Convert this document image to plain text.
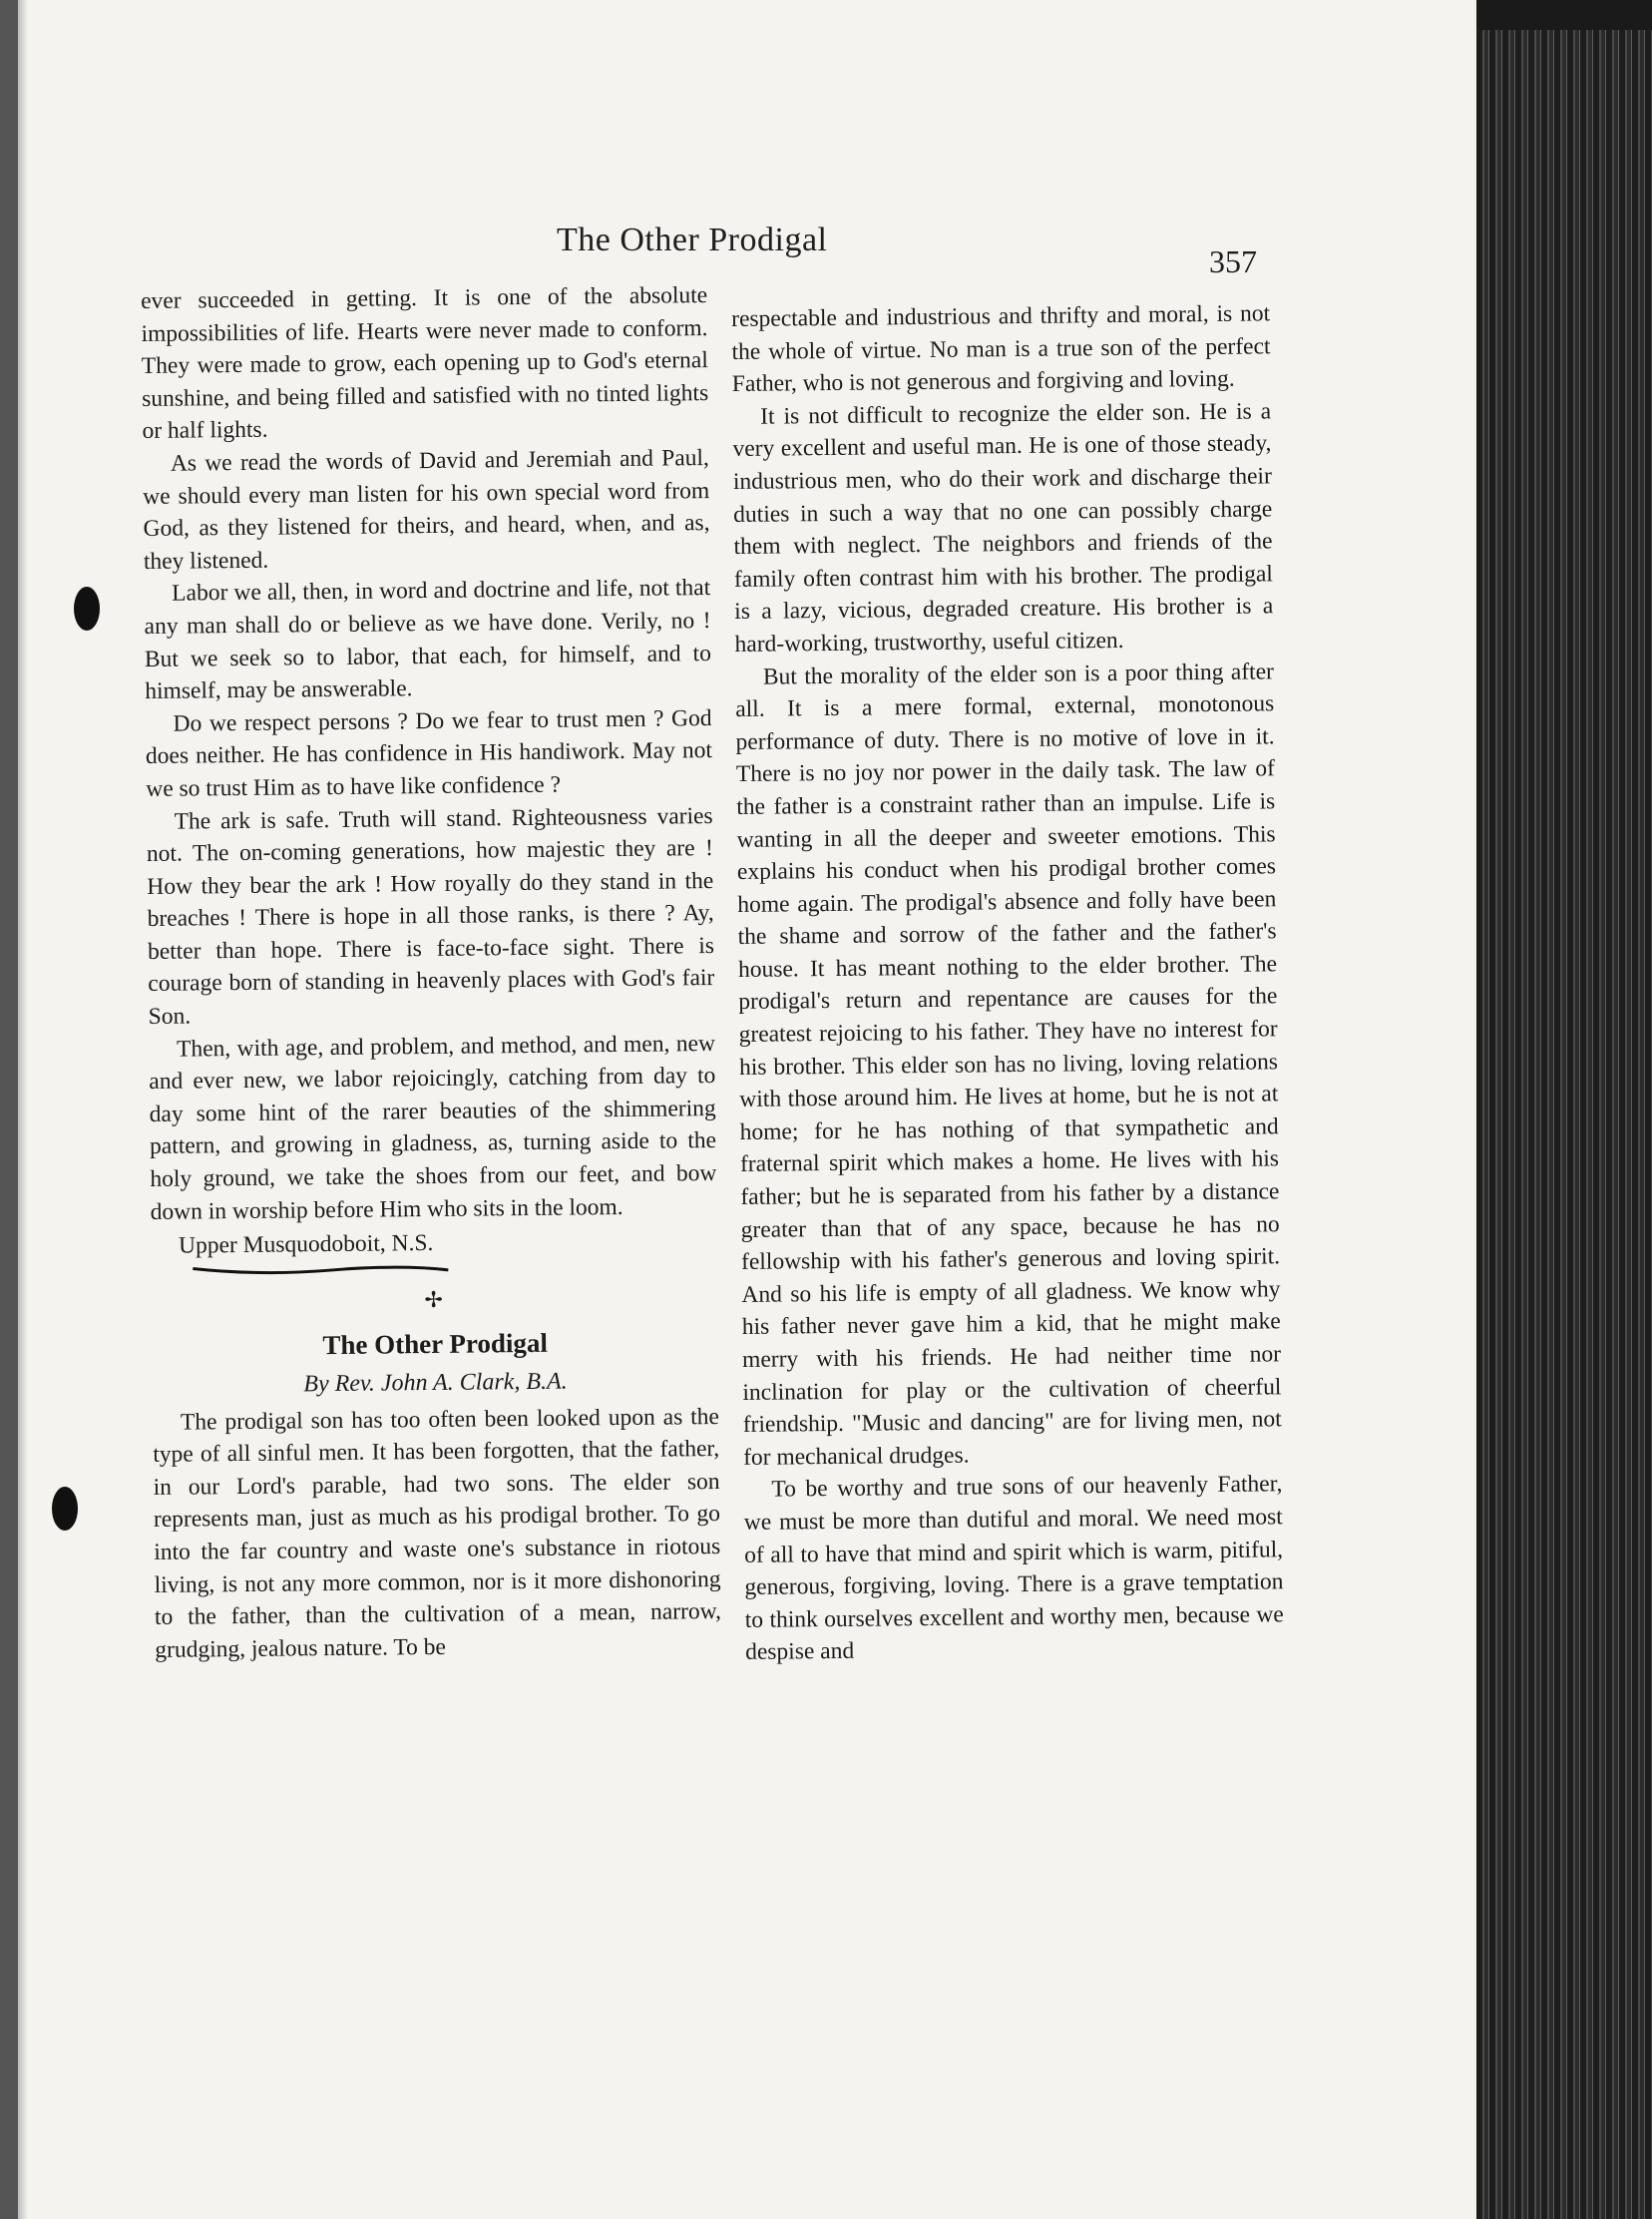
The Other Prodigal
357

ever succeeded in getting. It is one of the absolute impossibilities of life. Hearts were never made to conform. They were made to grow, each opening up to God's eternal sunshine, and being filled and satisfied with no tinted lights or half lights.

As we read the words of David and Jeremiah and Paul, we should every man listen for his own special word from God, as they listened for theirs, and heard, when, and as, they listened.

Labor we all, then, in word and doctrine and life, not that any man shall do or believe as we have done. Verily, no ! But we seek so to labor, that each, for himself, and to himself, may be answerable.

Do we respect persons ? Do we fear to trust men ? God does neither. He has confidence in His handiwork. May not we so trust Him as to have like confidence ?

The ark is safe. Truth will stand. Righteousness varies not. The on-coming generations, how majestic they are ! How they bear the ark ! How royally do they stand in the breaches ! There is hope in all those ranks, is there ? Ay, better than hope. There is face-to-face sight. There is courage born of standing in heavenly places with God's fair Son.

Then, with age, and problem, and method, and men, new and ever new, we labor rejoicingly, catching from day to day some hint of the rarer beauties of the shimmering pattern, and growing in gladness, as, turning aside to the holy ground, we take the shoes from our feet, and bow down in worship before Him who sits in the loom.

Upper Musquodoboit, N.S.

✢

The Other Prodigal

By Rev. John A. Clark, B.A.

The prodigal son has too often been looked upon as the type of all sinful men. It has been forgotten, that the father, in our Lord's parable, had two sons. The elder son represents man, just as much as his prodigal brother. To go into the far country and waste one's substance in riotous living, is not any more common, nor is it more dishonoring to the father, than the cultivation of a mean, narrow, grudging, jealous nature. To be

respectable and industrious and thrifty and moral, is not the whole of virtue. No man is a true son of the perfect Father, who is not generous and forgiving and loving.

It is not difficult to recognize the elder son. He is a very excellent and useful man. He is one of those steady, industrious men, who do their work and discharge their duties in such a way that no one can possibly charge them with neglect. The neighbors and friends of the family often contrast him with his brother. The prodigal is a lazy, vicious, degraded creature. His brother is a hard-working, trustworthy, useful citizen.

But the morality of the elder son is a poor thing after all. It is a mere formal, external, monotonous performance of duty. There is no motive of love in it. There is no joy nor power in the daily task. The law of the father is a constraint rather than an impulse. Life is wanting in all the deeper and sweeter emotions. This explains his conduct when his prodigal brother comes home again. The prodigal's absence and folly have been the shame and sorrow of the father and the father's house. It has meant nothing to the elder brother. The prodigal's return and repentance are causes for the greatest rejoicing to his father. They have no interest for his brother. This elder son has no living, loving relations with those around him. He lives at home, but he is not at home; for he has nothing of that sympathetic and fraternal spirit which makes a home. He lives with his father; but he is separated from his father by a distance greater than that of any space, because he has no fellowship with his father's generous and loving spirit. And so his life is empty of all gladness. We know why his father never gave him a kid, that he might make merry with his friends. He had neither time nor inclination for play or the cultivation of cheerful friendship. "Music and dancing" are for living men, not for mechanical drudges.

To be worthy and true sons of our heavenly Father, we must be more than dutiful and moral. We need most of all to have that mind and spirit which is warm, pitiful, generous, forgiving, loving. There is a grave temptation to think ourselves excellent and worthy men, because we despise and
